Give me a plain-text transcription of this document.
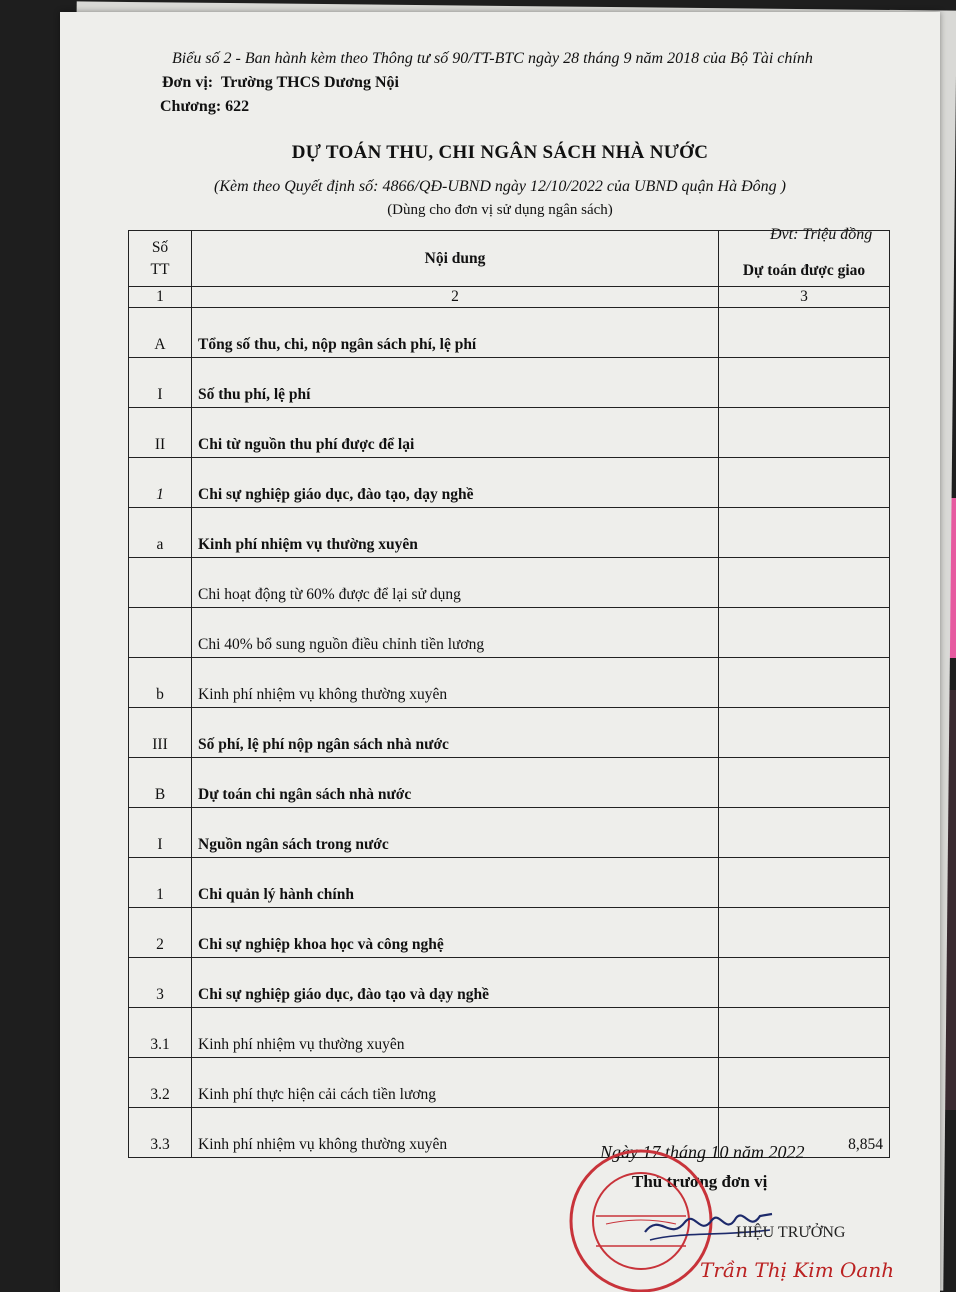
Biểu số 2 - Ban hành kèm theo Thông tư số 90/TT-BTC ngày 28 tháng 9 năm 2018 của Bộ Tài chính
Đơn vị: Trường THCS Dương Nội
Chương: 622
DỰ TOÁN THU, CHI NGÂN SÁCH NHÀ NƯỚC
(Kèm theo Quyết định số: 4866/QĐ-UBND ngày 12/10/2022 của UBND quận Hà Đông )
(Dùng cho đơn vị sử dụng ngân sách)
Đvt: Triệu đồng
Số
TT	Nội dung	Dự toán được giao
1	2	3
A	Tổng số thu, chi, nộp ngân sách phí, lệ phí	
I	Số thu phí, lệ phí	
II	Chi từ nguồn thu phí được để lại	
1	Chi sự nghiệp giáo dục, đào tạo, dạy nghề	
a	Kinh phí nhiệm vụ thường xuyên	
	Chi hoạt động từ 60% được để lại sử dụng	
	Chi 40% bổ sung nguồn điều chỉnh tiền lương	
b	Kinh phí nhiệm vụ không thường xuyên	
III	Số phí, lệ phí nộp ngân sách nhà nước	
B	Dự toán chi ngân sách nhà nước	
I	Nguồn ngân sách trong nước	
1	Chi quản lý hành chính	
2	Chi sự nghiệp khoa học và công nghệ	
3	Chi sự nghiệp giáo dục, đào tạo và dạy nghề	
3.1	Kinh phí nhiệm vụ thường xuyên	
3.2	Kinh phí thực hiện cải cách tiền lương	
3.3	Kinh phí nhiệm vụ không thường xuyên	8,854
Ngày 17 tháng 10 năm 2022
Thủ trưởng đơn vị
HIỆU TRƯỞNG
Trần Thị Kim Oanh
